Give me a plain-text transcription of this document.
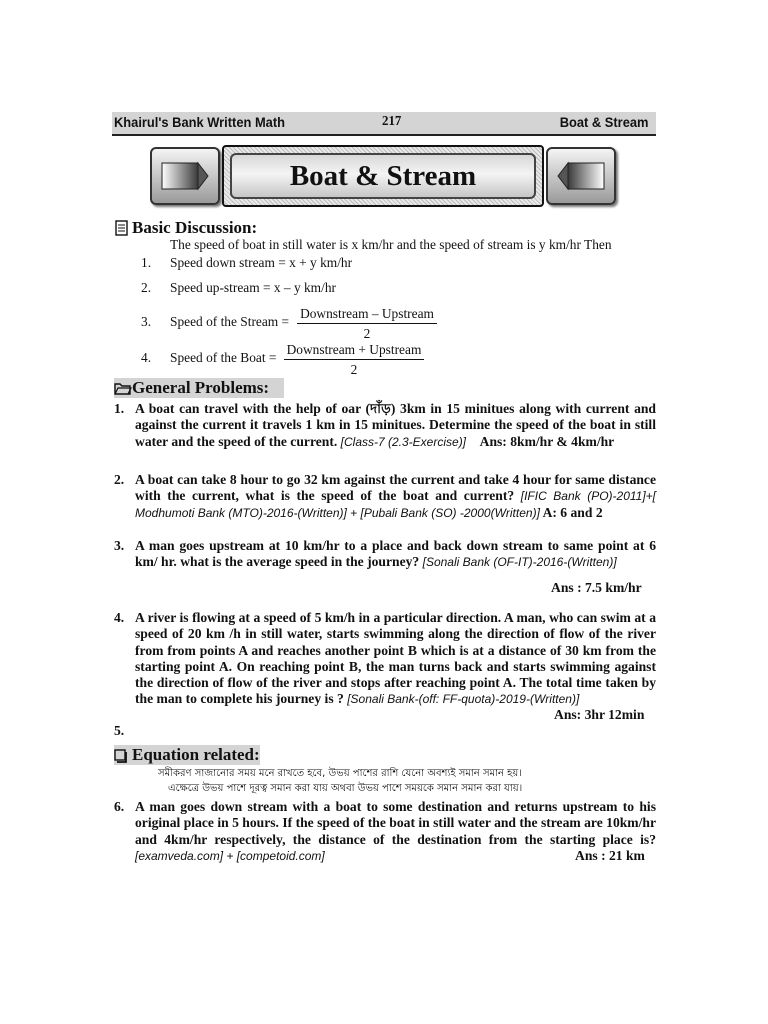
Khairul's Bank Written Math	217	Boat & Stream
Boat & Stream
Basic Discussion:
The speed of boat in still water is x km/hr and the speed of stream is y km/hr Then
1. Speed down stream = x + y km/hr
2. Speed up-stream = x – y km/hr
3. Speed of the Stream =
Downstream – Upstream
2
4. Speed of the Boat =
Downstream + Upstream
2
General Problems:
1. A boat can travel with the help of oar (দাঁড়) 3km in 15 minitues along with current and against the current it travels 1 km in 15 minitues. Determine the speed of the boat in still water and the speed of the current. [Class-7 (2.3-Exercise)] Ans: 8km/hr & 4km/hr
2. A boat can take 8 hour to go 32 km against the current and take 4 hour for same distance with the current, what is the speed of the boat and current? [IFIC Bank (PO)-2011]+[ Modhumoti Bank (MTO)-2016-(Written)] + [Pubali Bank (SO) -2000(Written)] A: 6 and 2
3. A man goes upstream at 10 km/hr to a place and back down stream to same point at 6 km/ hr. what is the average speed in the journey? [Sonali Bank (OF-IT)-2016-(Written)]
Ans : 7.5 km/hr
4. A river is flowing at a speed of 5 km/h in a particular direction. A man, who can swim at a speed of 20 km /h in still water, starts swimming along the direction of flow of the river from from points A and reaches another point B which is at a distance of 30 km from the starting point A. On reaching point B, the man turns back and starts swimming against the direction of flow of the river and stops after reaching point A. The total time taken by the man to complete his journey is ? [Sonali Bank-(off: FF-quota)-2019-(Written)]
Ans: 3hr 12min
5.
Equation related:
সমীকরণ সাজানোর সময় মনে রাখতে হবে, উভয় পাশের রাশি যেনো অবশ্যই সমান সমান হয়।
এক্ষেত্রে উভয় পাশে দূরত্ব সমান করা যায় অথবা উভয় পাশে সময়কে সমান সমান করা যায়।
6. A man goes down stream with a boat to some destination and returns upstream to his original place in 5 hours. If the speed of the boat in still water and the stream are 10km/hr and 4km/hr respectively, the distance of the destination from the starting place is? [examveda.com] + [competoid.com]	Ans : 21 km
